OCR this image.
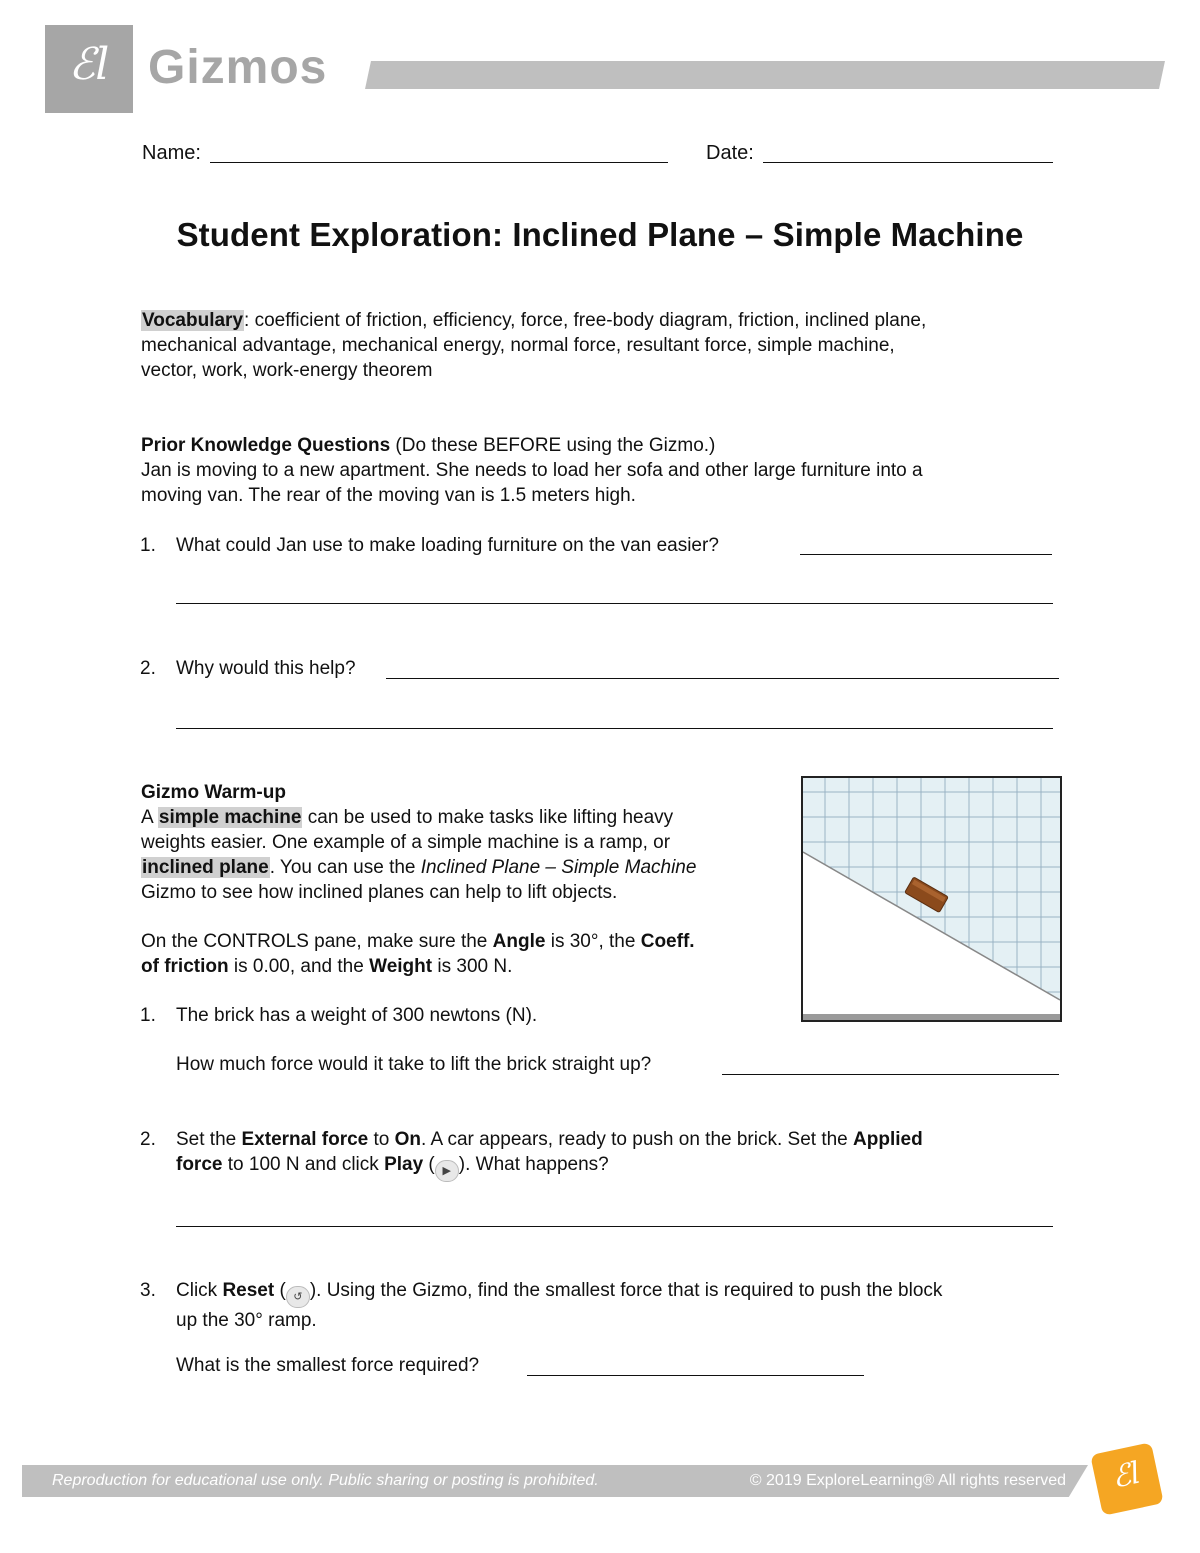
ℰl Gizmos
Name:	Date:
Student Exploration: Inclined Plane – Simple Machine
Vocabulary: coefficient of friction, efficiency, force, free-body diagram, friction, inclined plane,
mechanical advantage, mechanical energy, normal force, resultant force, simple machine,
vector, work, work-energy theorem
Prior Knowledge Questions (Do these BEFORE using the Gizmo.)
Jan is moving to a new apartment. She needs to load her sofa and other large furniture into a
moving van. The rear of the moving van is 1.5 meters high.
1. What could Jan use to make loading furniture on the van easier?
2. Why would this help?
Gizmo Warm-up
A simple machine can be used to make tasks like lifting heavy
weights easier. One example of a simple machine is a ramp, or
inclined plane. You can use the Inclined Plane – Simple Machine
Gizmo to see how inclined planes can help to lift objects.
On the CONTROLS pane, make sure the Angle is 30°, the Coeff.
of friction is 0.00, and the Weight is 300 N.
1. The brick has a weight of 300 newtons (N).
How much force would it take to lift the brick straight up?
2. Set the External force to On. A car appears, ready to push on the brick. Set the Applied
force to 100 N and click Play ( ▶ ). What happens?
3. Click Reset ( ↺ ). Using the Gizmo, find the smallest force that is required to push the block
up the 30° ramp.
What is the smallest force required?
Reproduction for educational use only. Public sharing or posting is prohibited.	© 2019 ExploreLearning® All rights reserved	ℰl
